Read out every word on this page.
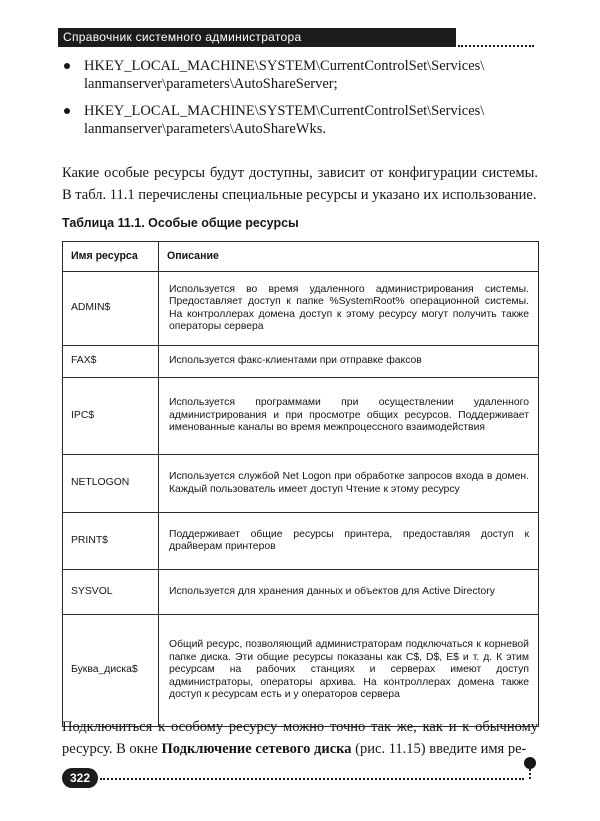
Справочник системного администратора
HKEY_LOCAL_MACHINE\SYSTEM\CurrentControlSet\Services\ lanmanserver\parameters\AutoShareServer;
HKEY_LOCAL_MACHINE\SYSTEM\CurrentControlSet\Services\ lanmanserver\parameters\AutoShareWks.

Какие особые ресурсы будут доступны, зависит от конфигурации системы. В табл. 11.1 перечислены специальные ресурсы и указано их использование.

Таблица 11.1. Особые общие ресурсы
Имя ресурса	Описание
ADMIN$	Используется во время удаленного администрирования системы. Предоставляет доступ к папке %SystemRoot% операционной системы. На контроллерах домена доступ к этому ресурсу могут получить также операторы сервера
FAX$	Используется факс-клиентами при отправке факсов
IPC$	Используется программами при осуществлении удаленного администрирования и при просмотре общих ресурсов. Поддерживает именованные каналы во время межпроцессного взаимодействия
NETLOGON	Используется службой Net Logon при обработке запросов входа в домен. Каждый пользователь имеет доступ Чтение к этому ресурсу
PRINT$	Поддерживает общие ресурсы принтера, предоставляя доступ к драйверам принтеров
SYSVOL	Используется для хранения данных и объектов для Active Directory
Буква_диска$	Общий ресурс, позволяющий администраторам подключаться к корневой папке диска. Эти общие ресурсы показаны как C$, D$, E$ и т. д. К этим ресурсам на рабочих станциях и серверах имеют доступ администраторы, операторы архива. На контроллерах домена также доступ к ресурсам есть и у операторов сервера

Подключиться к особому ресурсу можно точно так же, как и к обычному ресурсу. В окне Подключение сетевого диска (рис. 11.15) введите имя ре-

322
